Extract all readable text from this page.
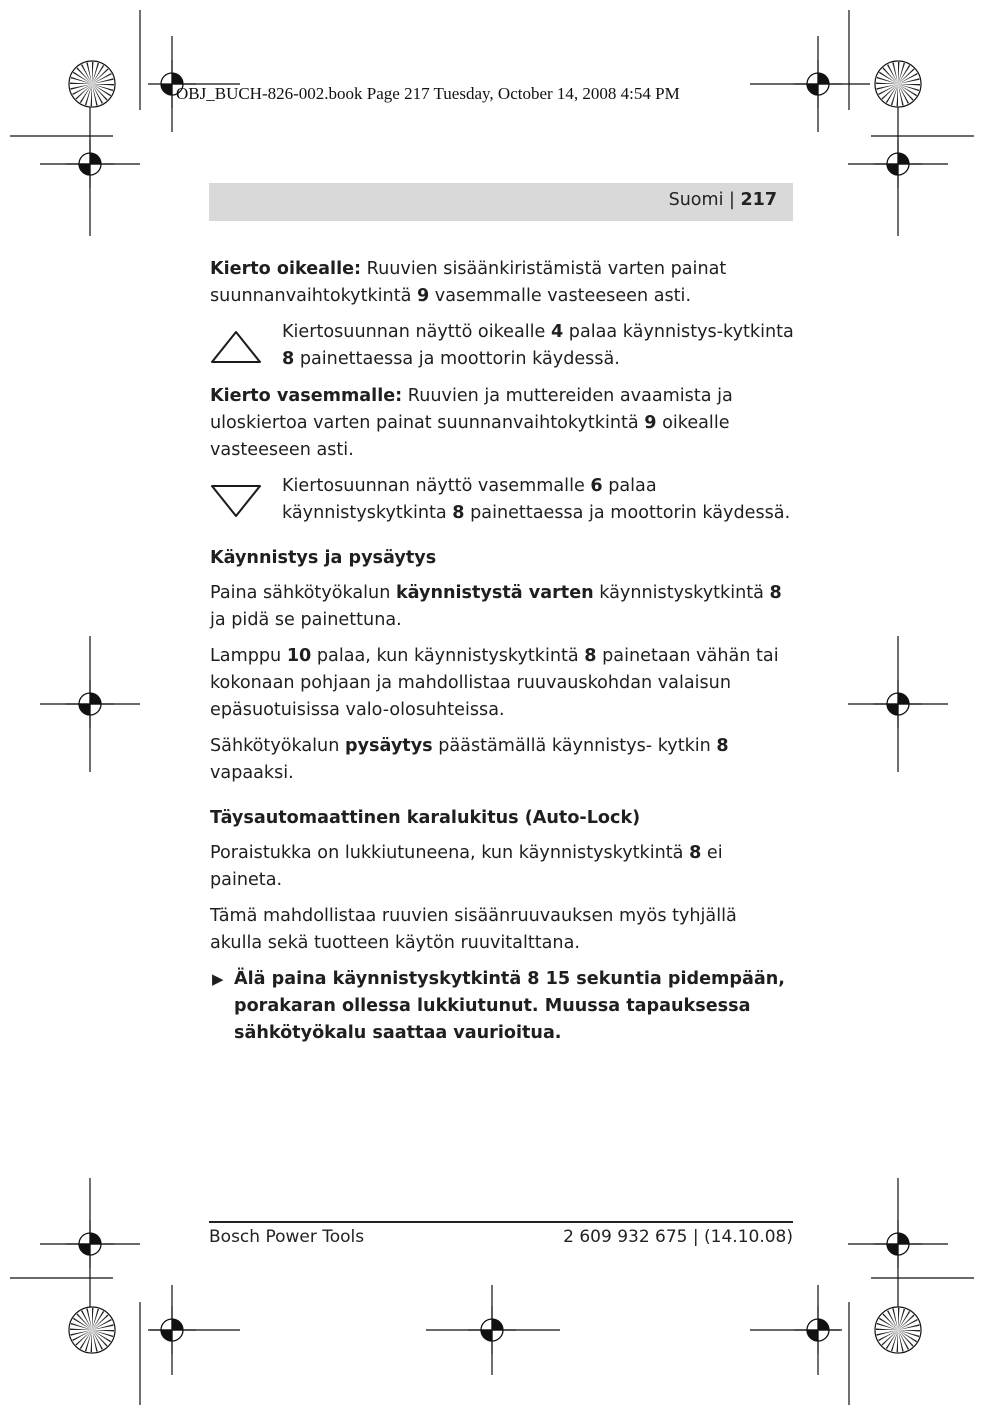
OBJ_BUCH-826-002.book Page 217 Tuesday, October 14, 2008 4:54 PM
Suomi | 217

Kierto oikealle: Ruuvien sisäänkiristämistä varten painat suunnanvaihtokytkintä 9 vasemmalle vasteeseen asti.

Kiertosuunnan näyttö oikealle 4 palaa käynnistys-kytkinta 8 painettaessa ja moottorin käydessä.

Kierto vasemmalle: Ruuvien ja muttereiden avaamista ja uloskiertoa varten painat suunnanvaihtokytkintä 9 oikealle vasteeseen asti.

Kiertosuunnan näyttö vasemmalle 6 palaa käynnistyskytkinta 8 painettaessa ja moottorin käydessä.

Käynnistys ja pysäytys

Paina sähkötyökalun käynnistystä varten käynnistyskytkintä 8 ja pidä se painettuna.

Lamppu 10 palaa, kun käynnistyskytkintä 8 painetaan vähän tai kokonaan pohjaan ja mahdollistaa ruuvauskohdan valaisun epäsuotuisissa valo-olosuhteissa.

Sähkötyökalun pysäytys päästämällä käynnistys- kytkin 8 vapaaksi.

Täysautomaattinen karalukitus (Auto-Lock)

Poraistukka on lukkiutuneena, kun käynnistyskytkintä 8 ei paineta.

Tämä mahdollistaa ruuvien sisäänruuvauksen myös tyhjällä akulla sekä tuotteen käytön ruuvitalttana.

▶ Älä paina käynnistyskytkintä 8 15 sekuntia pidempään, porakaran ollessa lukkiutunut. Muussa tapauksessa sähkötyökalu saattaa vaurioitua.

Bosch Power Tools	2 609 932 675 | (14.10.08)
